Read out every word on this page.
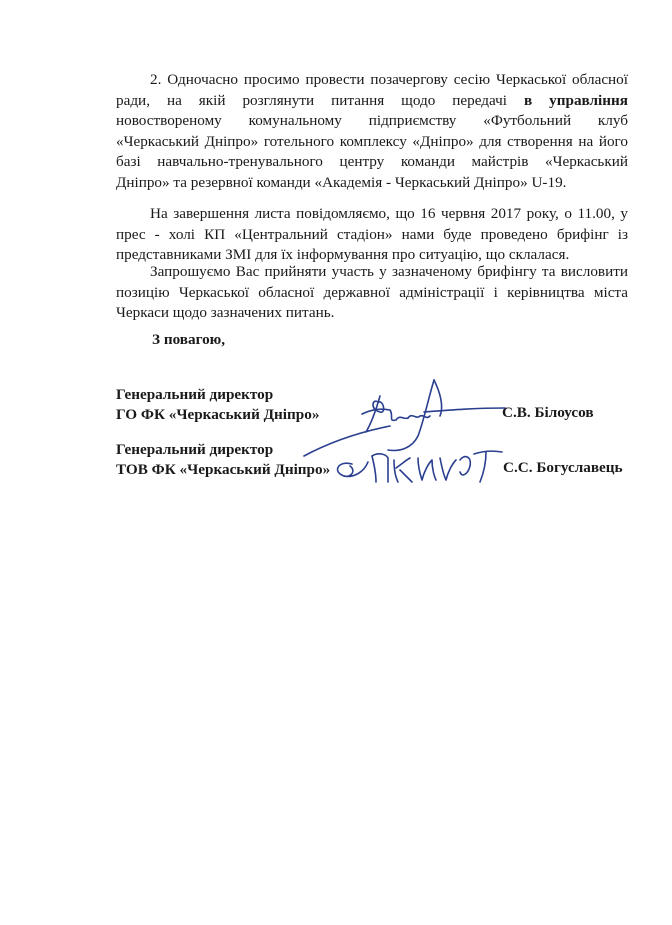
2. Одночасно просимо провести позачергову сесію Черкаської обласної
ради, на якій розглянути питання щодо передачі в управління
новоствореному комунальному підприємству «Футбольний клуб
«Черкаський Дніпро» готельного комплексу «Дніпро» для створення на його
базі навчально-тренувального центру команди майстрів «Черкаський
Дніпро» та резервної команди «Академія - Черкаський Дніпро» U-19.
На завершення листа повідомляємо, що 16 червня 2017 року, о 11.00, у
прес - холі КП «Центральний стадіон» нами буде проведено брифінг із
представниками ЗМІ для їх інформування про ситуацію, що склалася.
Запрошуємо Вас прийняти участь у зазначеному брифінгу та висловити
позицію Черкаської обласної державної адміністрації і керівництва міста
Черкаси щодо зазначених питань.

З повагою,

Генеральний директор
ГО ФК «Черкаський Дніпро»	С.В. Білоусов

Генеральний директор
ТОВ ФК «Черкаський Дніпро»	С.С. Богуславець
